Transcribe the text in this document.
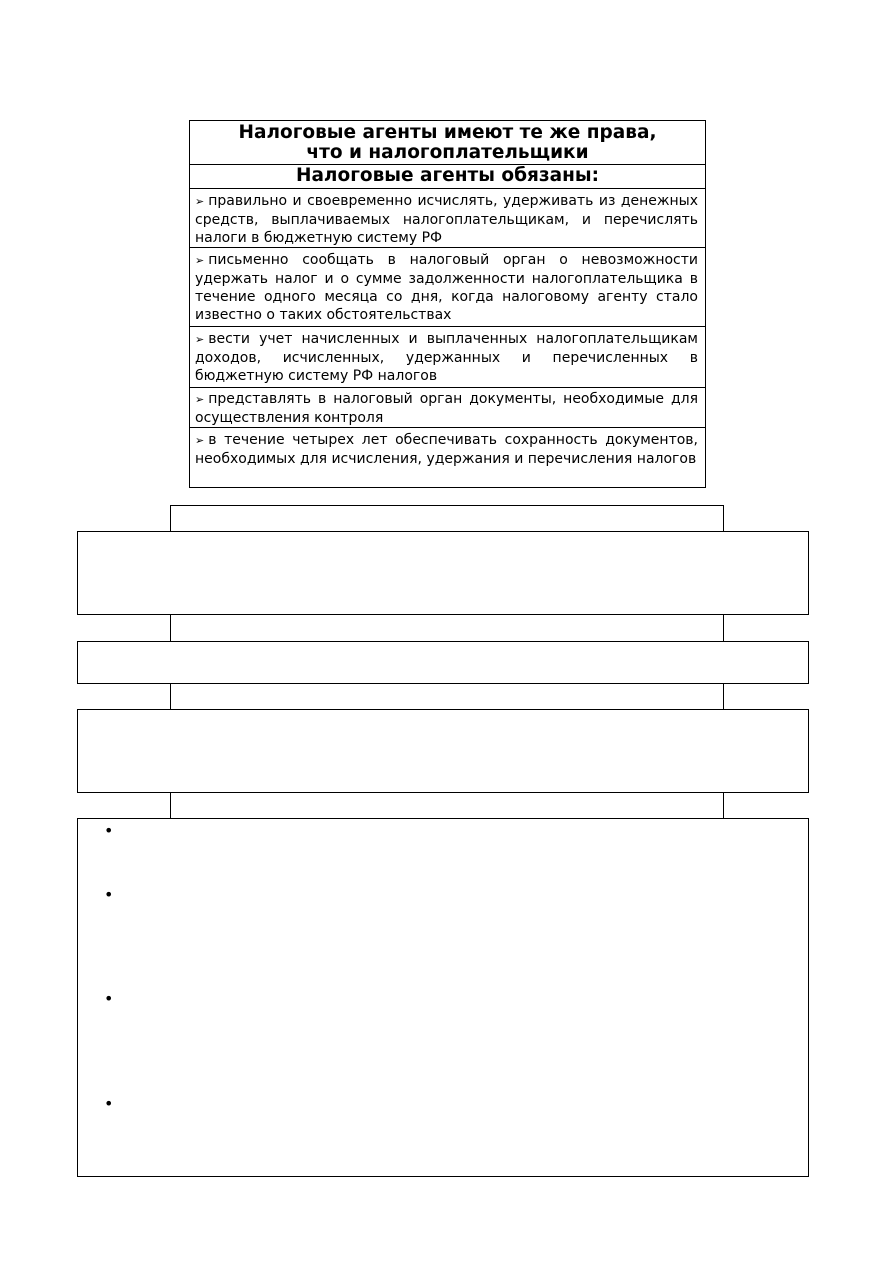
Налоговые агенты имеют те же права,
что и налогоплательщики
Налоговые агенты обязаны:
➢ правильно и своевременно исчислять, удерживать из денежных средств, выплачиваемых налогоплательщикам, и перечислять налоги в бюджетную систему РФ
➢ письменно сообщать в налоговый орган о невозможности удержать налог и о сумме задолженности налогоплательщика в течение одного месяца со дня, когда налоговому агенту стало известно о таких обстоятельствах
➢ вести учет начисленных и выплаченных налогоплательщикам доходов, исчисленных, удержанных и перечисленных в бюджетную систему РФ налогов
➢ представлять в налоговый орган документы, необходимые для осуществления контроля
➢ в течение четырех лет обеспечивать сохранность документов, необходимых для исчисления, удержания и перечисления налогов
•
•
•
•
